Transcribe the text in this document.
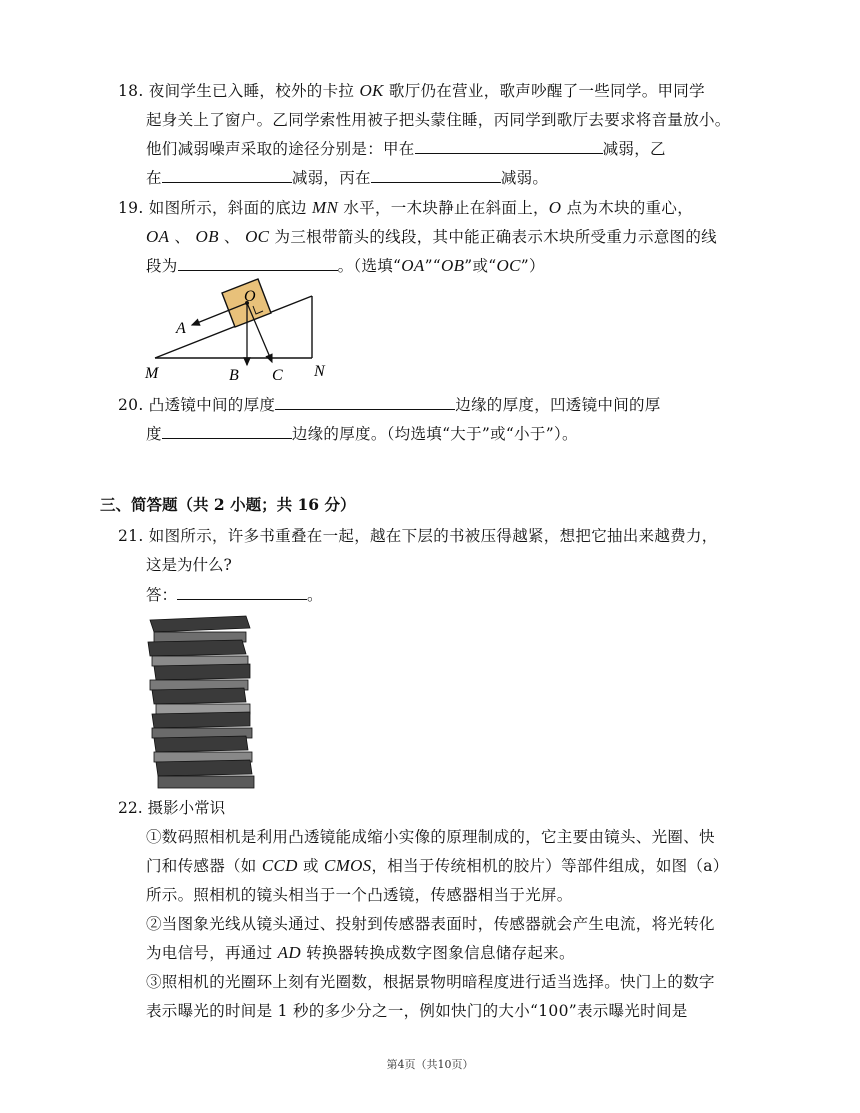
18. 夜间学生已入睡，校外的卡拉 OK 歌厅仍在营业，歌声吵醒了一些同学。甲同学
起身关上了窗户。乙同学索性用被子把头蒙住睡，丙同学到歌厅去要求将音量放小。
他们减弱噪声采取的途径分别是：甲在	减弱，乙
在	减弱，丙在	减弱。
19. 如图所示，斜面的底边 MN 水平，一木块静止在斜面上，O 点为木块的重心，
OA 、 OB 、 OC 为三根带箭头的线段，其中能正确表示木块所受重力示意图的线
段为	。（选填“OA”“OB”或“OC”）
O
A
M	B C N
20. 凸透镜中间的厚度	边缘的厚度，凹透镜中间的厚
度	边缘的厚度。（均选填“大于”或“小于”）。
三、简答题（共 2 小题；共 16 分）
21. 如图所示，许多书重叠在一起，越在下层的书被压得越紧，想把它抽出来越费力，
这是为什么?
答：	。
22. 摄影小常识
①数码照相机是利用凸透镜能成缩小实像的原理制成的，它主要由镜头、光圈、快
门和传感器（如 CCD 或 CMOS，相当于传统相机的胶片）等部件组成，如图（a）
所示。照相机的镜头相当于一个凸透镜，传感器相当于光屏。
②当图象光线从镜头通过、投射到传感器表面时，传感器就会产生电流，将光转化
为电信号，再通过 AD 转换器转换成数字图象信息储存起来。
③照相机的光圈环上刻有光圈数，根据景物明暗程度进行适当选择。快门上的数字
表示曝光的时间是 1 秒的多少分之一，例如快门的大小“100”表示曝光时间是
第4页（共10页）
